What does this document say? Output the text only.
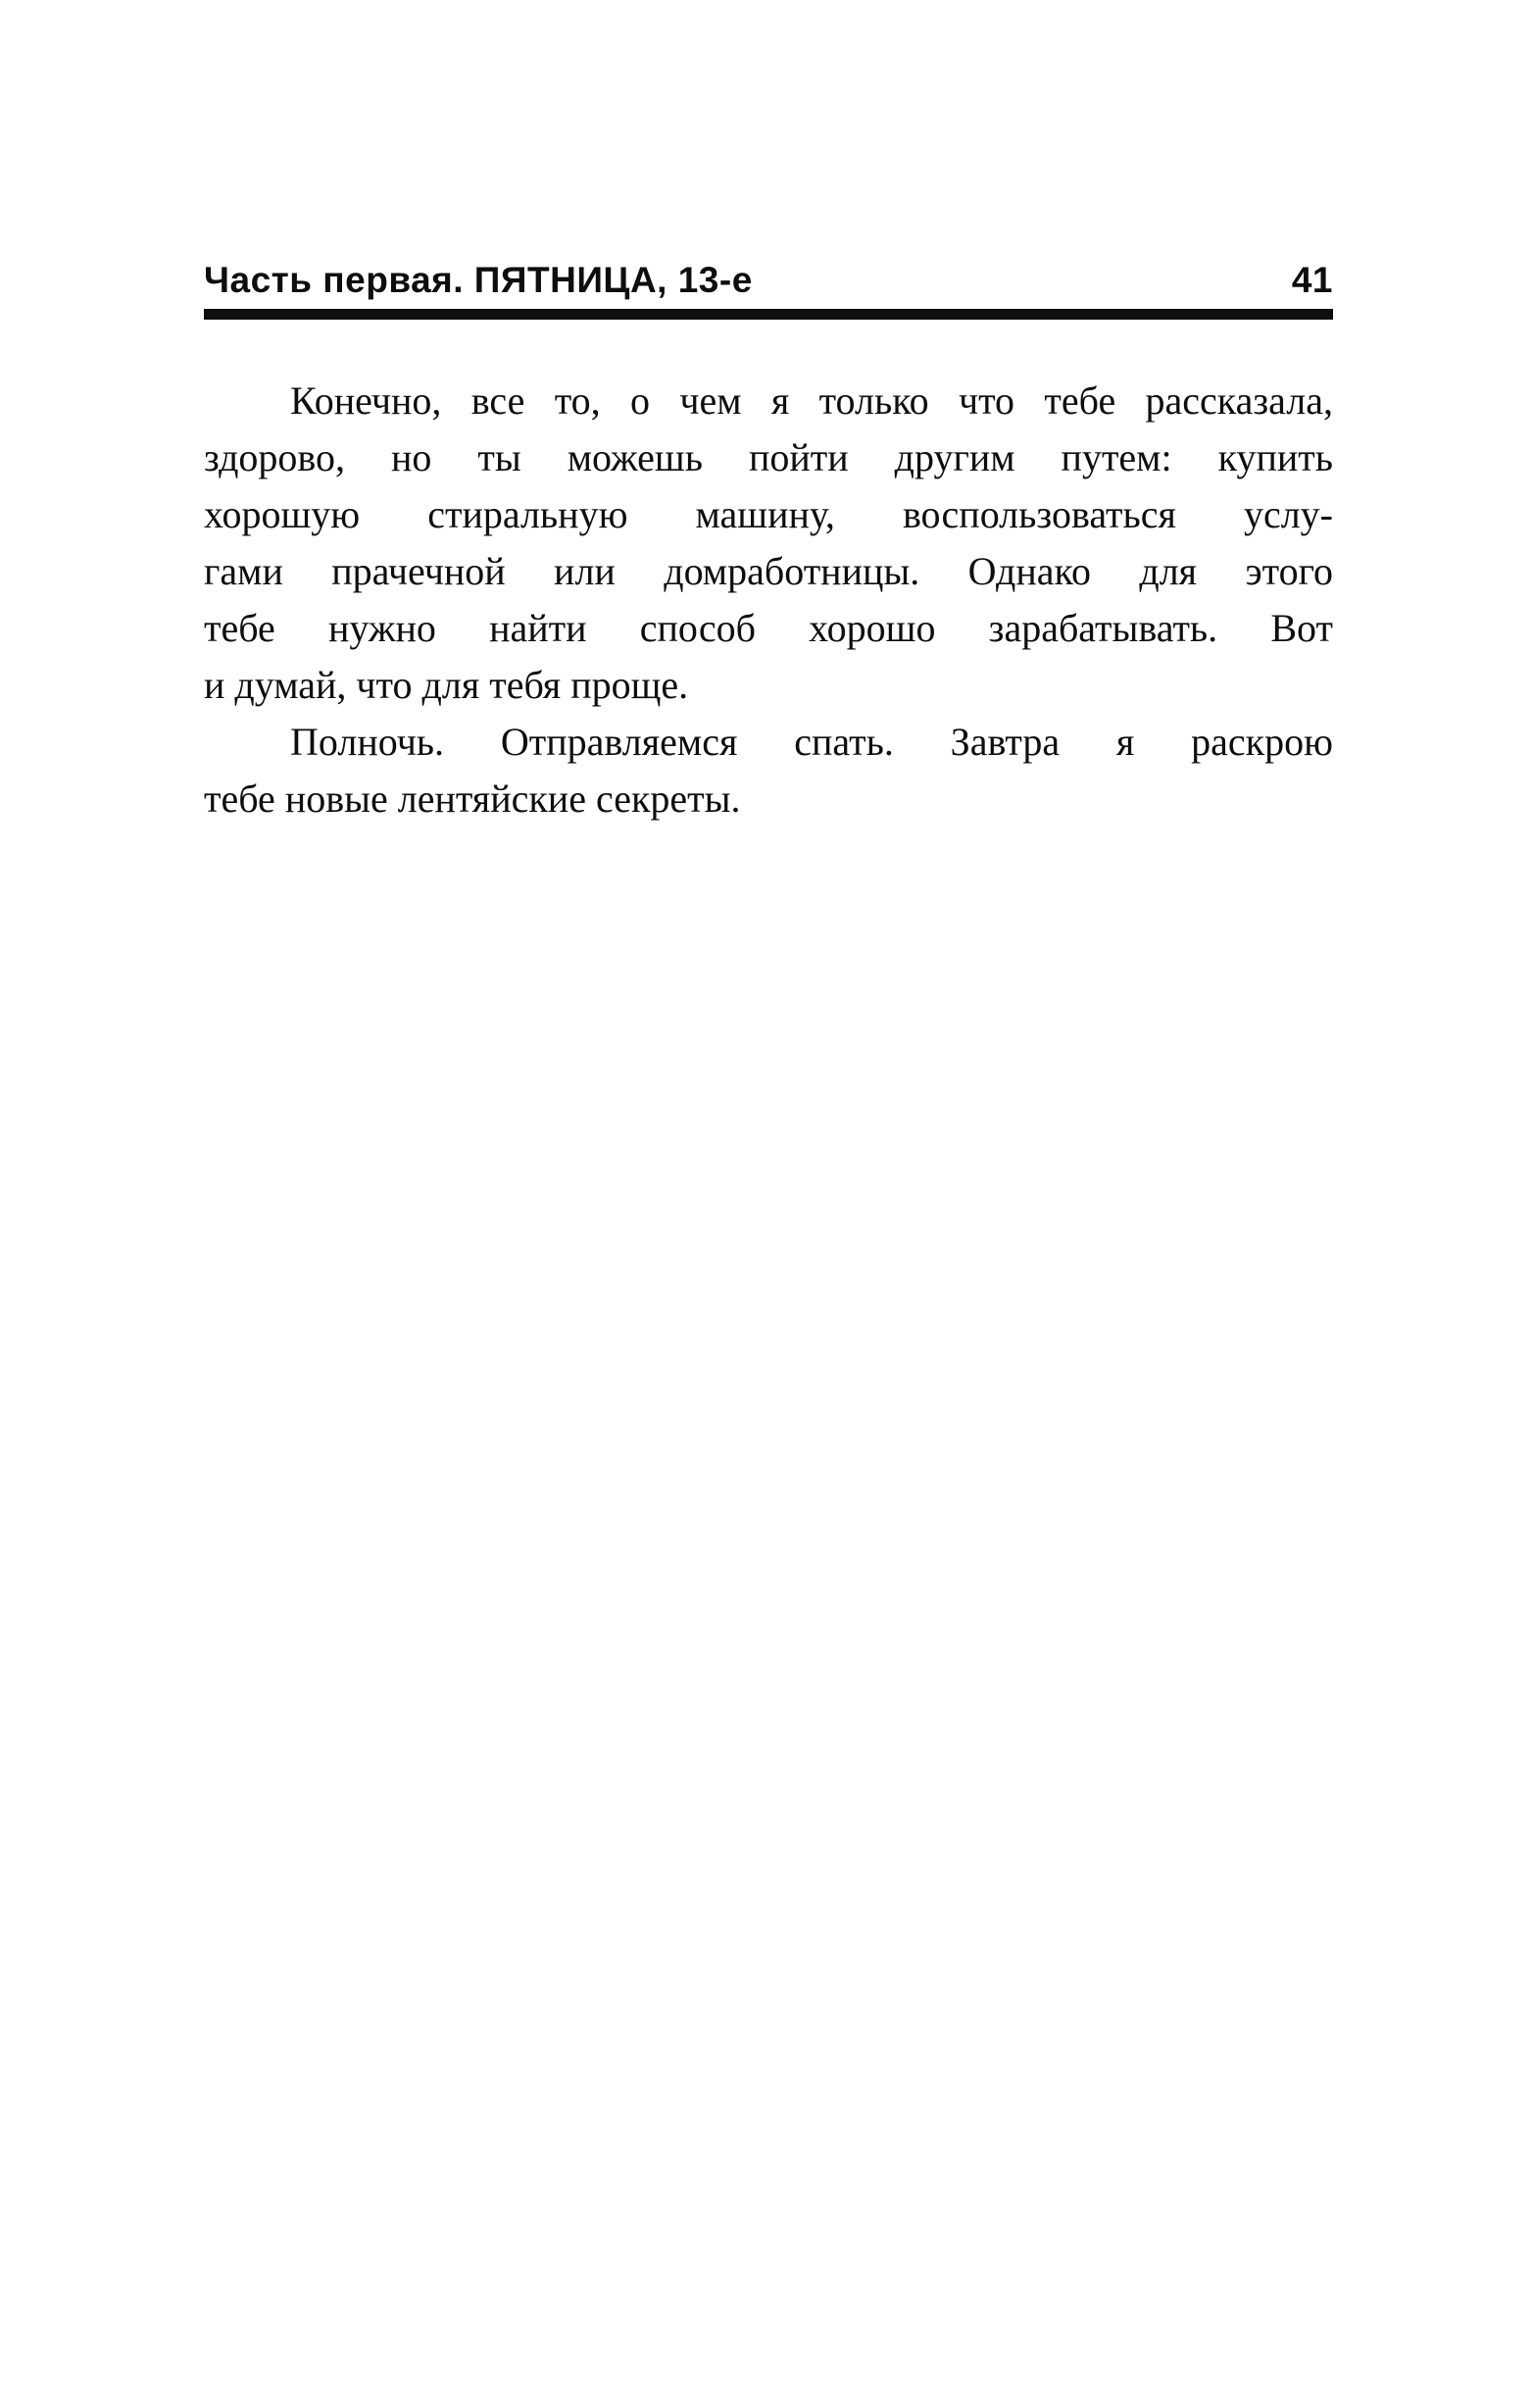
Часть первая. ПЯТНИЦА, 13-е	41
Конечно, все то, о чем я только что тебе рассказала,
здорово, но ты можешь пойти другим путем: купить
хорошую стиральную машину, воспользоваться услу-
гами прачечной или домработницы. Однако для этого
тебе нужно найти способ хорошо зарабатывать. Вот
и думай, что для тебя проще.
Полночь. Отправляемся спать. Завтра я раскрою
тебе новые лентяйские секреты.
